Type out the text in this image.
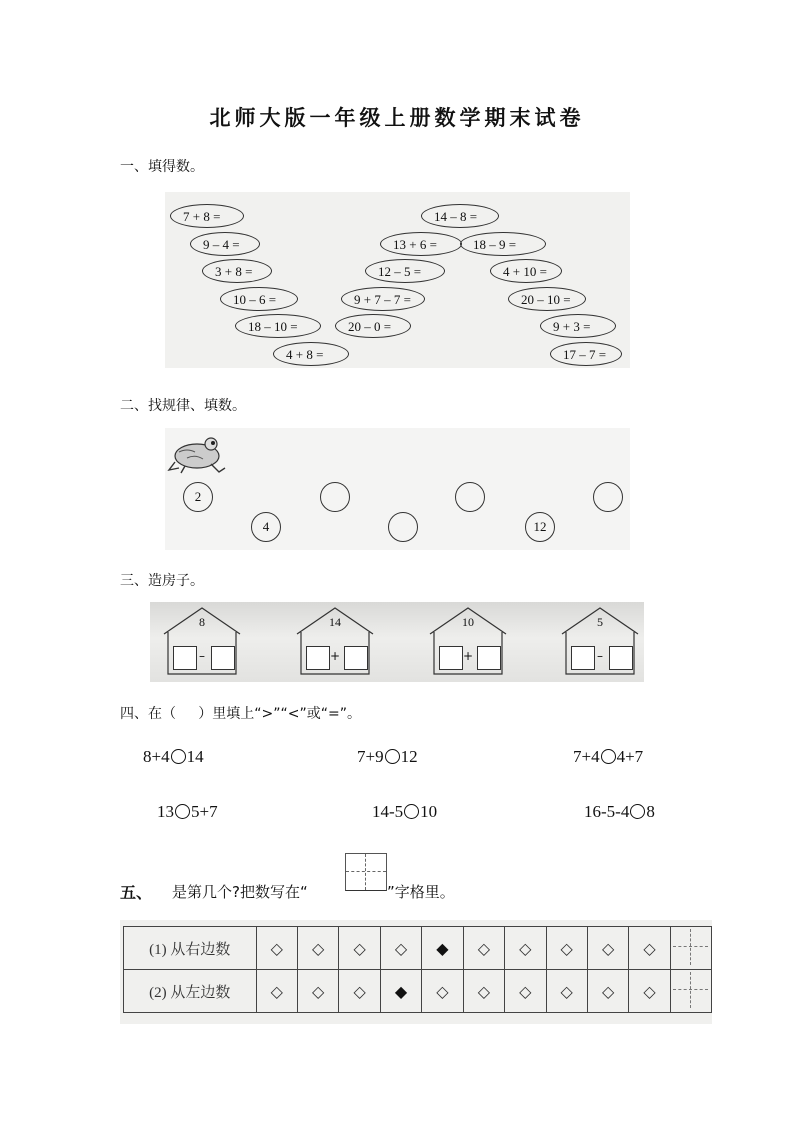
北师大版一年级上册数学期末试卷
一、填得数。
7 + 8 =
9 – 4 =
3 + 8 =
10 – 6 =
18 – 10 =
4 + 8 =
14 – 8 =
13 + 6 =	18 – 9 =
12 – 5 =	4 + 10 =
9 + 7 – 7 =	20 – 10 =
20 – 0 =	9 + 3 =
17 – 7 =
二、找规律、填数。
2
4	12
三、造房子。
8
–
14
+
10
+
5
–
四、在（     ）里填上“>”“<”或“=”。
8+4 14	7+9 12	7+4 4+7
13 5+7	14-5 10	16-5-4 8
五、 是第几个?把数写在“	”字格里。
(1) 从右边数	◇	◇	◇	◇	◆	◇	◇	◇	◇	◇	

(2) 从左边数	◇	◇	◇	◆	◇	◇	◇	◇	◇	◇	
